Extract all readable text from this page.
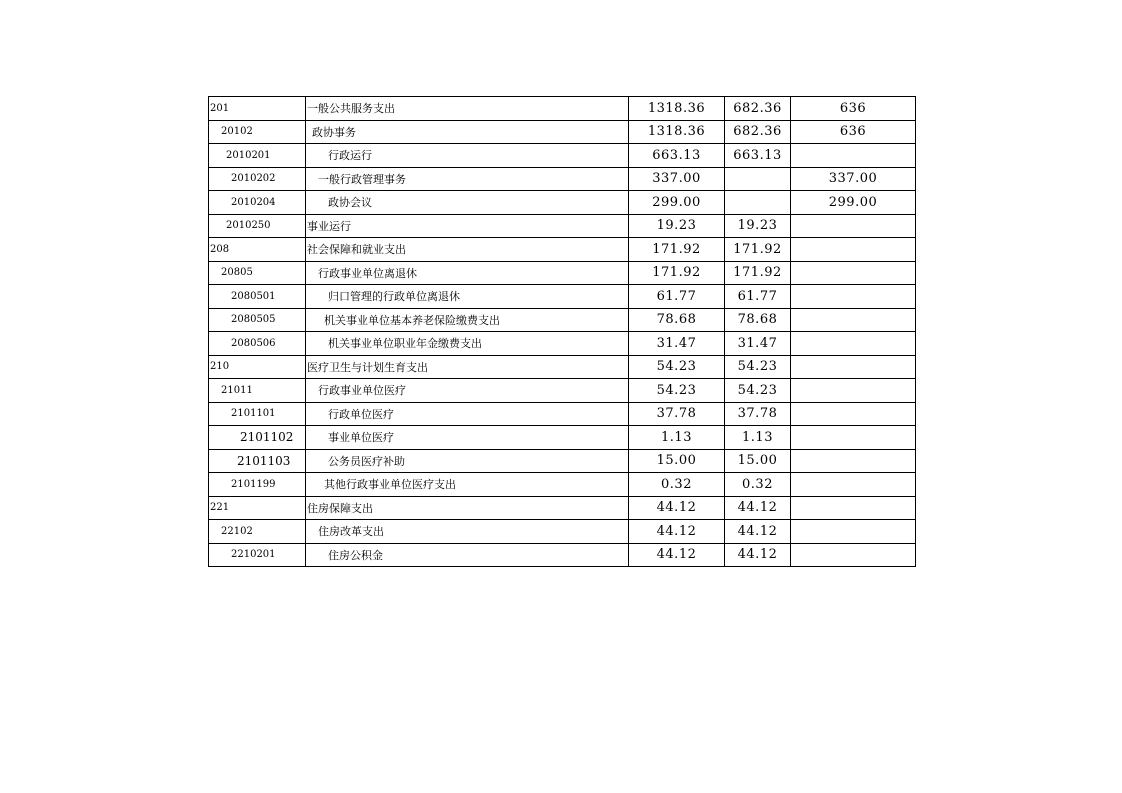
201	一般公共服务支出	1318.36	682.36	636
20102	政协事务	1318.36	682.36	636
2010201	行政运行	663.13	663.13	
2010202	一般行政管理事务	337.00		337.00
2010204	政协会议	299.00		299.00
2010250	事业运行	19.23	19.23	
208	社会保障和就业支出	171.92	171.92	
20805	行政事业单位离退休	171.92	171.92	
2080501	归口管理的行政单位离退休	61.77	61.77	
2080505	机关事业单位基本养老保险缴费支出	78.68	78.68	
2080506	机关事业单位职业年金缴费支出	31.47	31.47	
210	医疗卫生与计划生育支出	54.23	54.23	
21011	行政事业单位医疗	54.23	54.23	
2101101	行政单位医疗	37.78	37.78	
2101102	事业单位医疗	1.13	1.13	
2101103	公务员医疗补助	15.00	15.00	
2101199	其他行政事业单位医疗支出	0.32	0.32	
221	住房保障支出	44.12	44.12	
22102	住房改革支出	44.12	44.12	
2210201	住房公积金	44.12	44.12	
